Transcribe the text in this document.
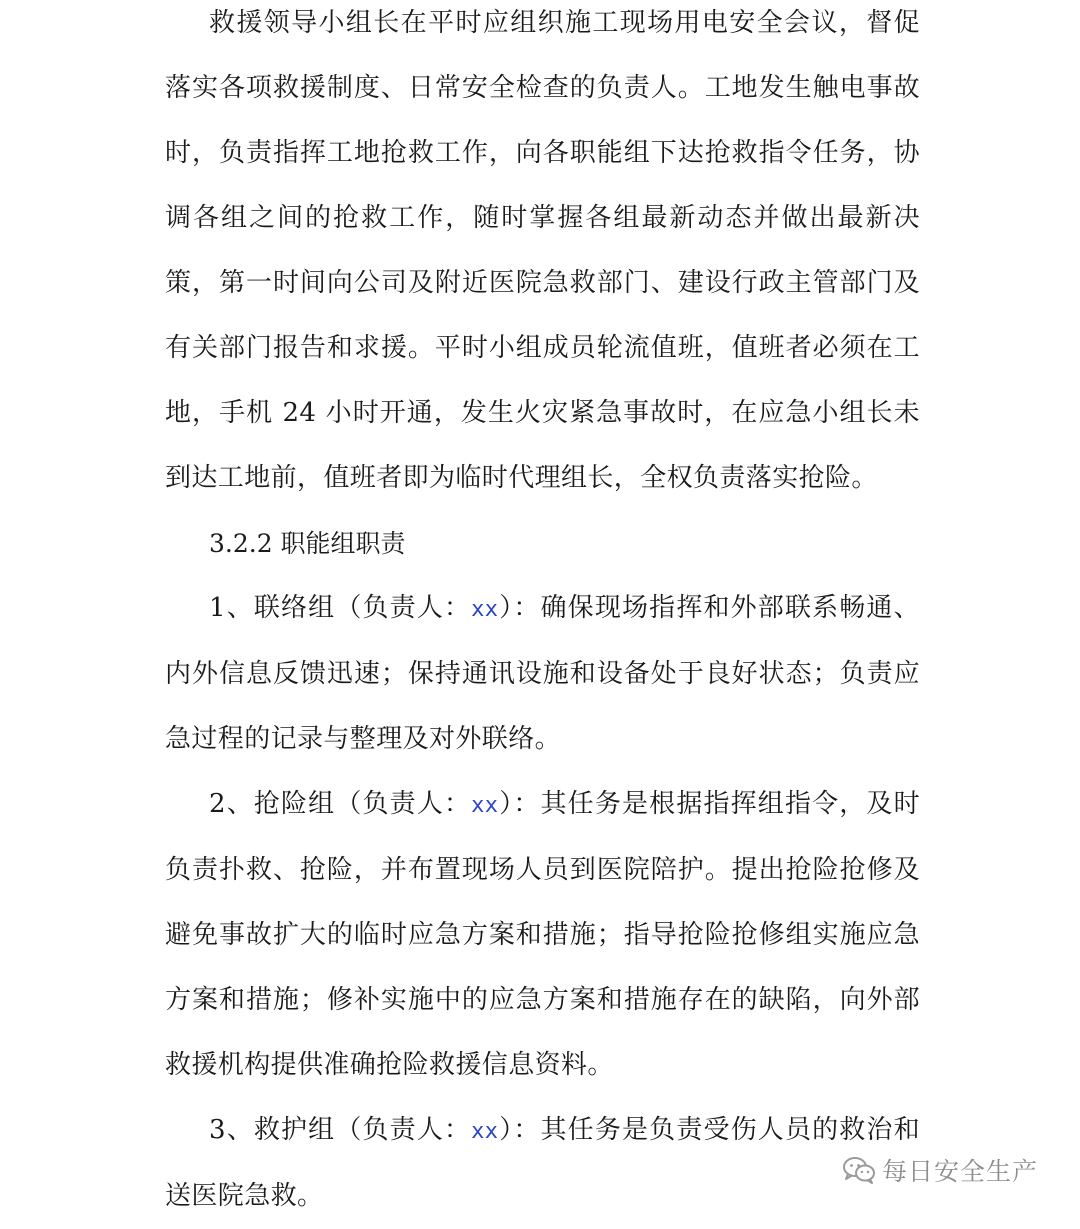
救援领导小组长在平时应组织施工现场用电安全会议，督促落实各项救援制度、日常安全检查的负责人。工地发生触电事故时，负责指挥工地抢救工作，向各职能组下达抢救指令任务，协调各组之间的抢救工作，随时掌握各组最新动态并做出最新决策，第一时间向公司及附近医院急救部门、建设行政主管部门及有关部门报告和求援。平时小组成员轮流值班，值班者必须在工地，手机 24 小时开通，发生火灾紧急事故时，在应急小组长未到达工地前，值班者即为临时代理组长，全权负责落实抢险。

3.2.2 职能组职责

1、联络组（负责人：xx）：确保现场指挥和外部联系畅通、内外信息反馈迅速；保持通讯设施和设备处于良好状态；负责应急过程的记录与整理及对外联络。

2、抢险组（负责人：xx）：其任务是根据指挥组指令，及时负责扑救、抢险，并布置现场人员到医院陪护。提出抢险抢修及避免事故扩大的临时应急方案和措施；指导抢险抢修组实施应急方案和措施；修补实施中的应急方案和措施存在的缺陷，向外部救援机构提供准确抢险救援信息资料。

3、救护组（负责人：xx）：其任务是负责受伤人员的救治和送医院急救。

每日安全生产
